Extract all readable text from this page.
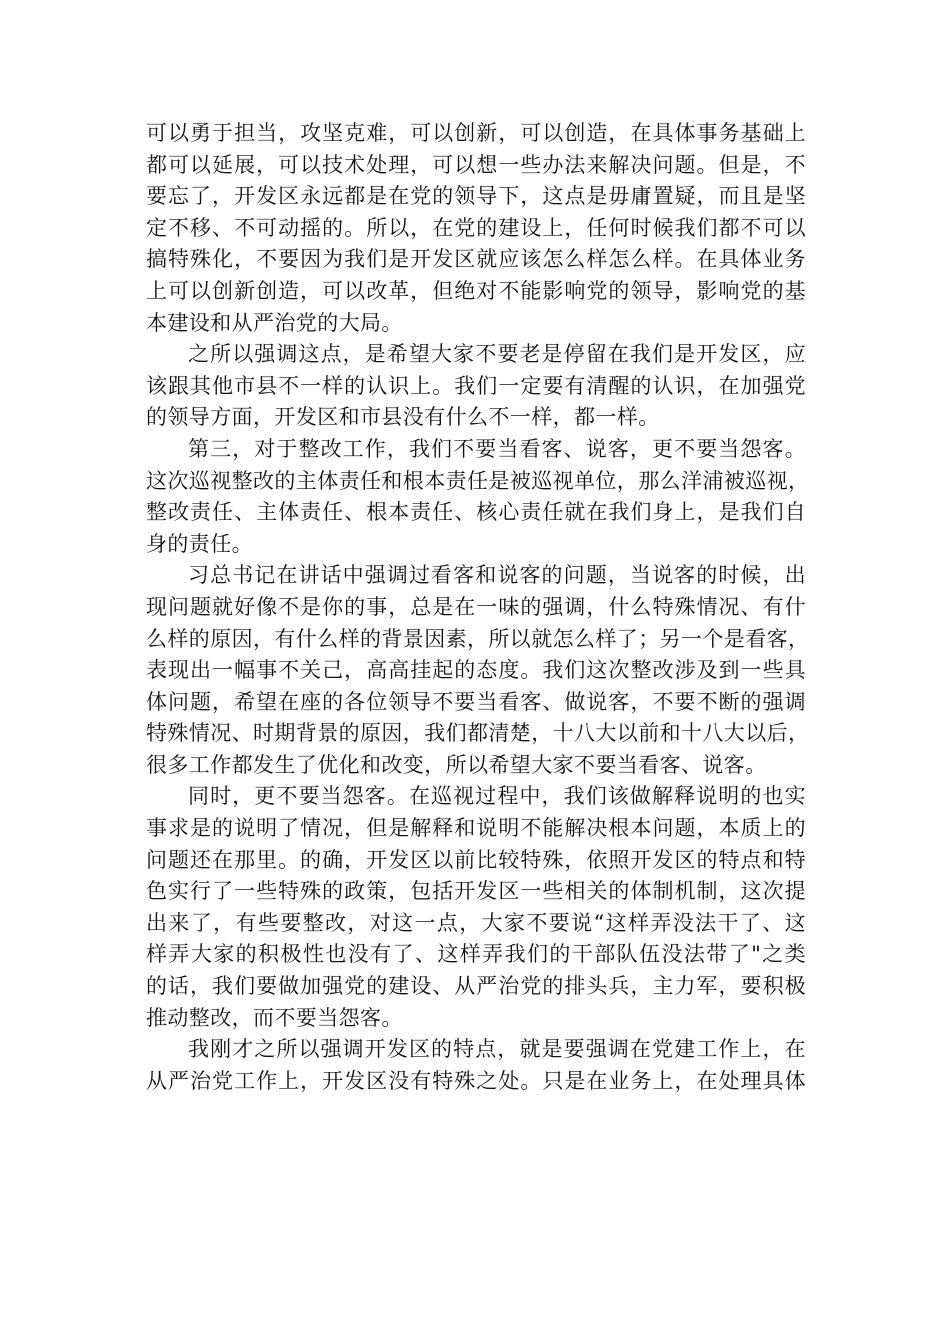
可以勇于担当，攻坚克难，可以创新，可以创造，在具体事务基础上
都可以延展，可以技术处理，可以想一些办法来解决问题。但是，不
要忘了，开发区永远都是在党的领导下，这点是毋庸置疑，而且是坚
定不移、不可动摇的。所以，在党的建设上，任何时候我们都不可以
搞特殊化，不要因为我们是开发区就应该怎么样怎么样。在具体业务
上可以创新创造，可以改革，但绝对不能影响党的领导，影响党的基
本建设和从严治党的大局。
之所以强调这点，是希望大家不要老是停留在我们是开发区，应
该跟其他市县不一样的认识上。我们一定要有清醒的认识，在加强党
的领导方面，开发区和市县没有什么不一样，都一样。
第三，对于整改工作，我们不要当看客、说客，更不要当怨客。
这次巡视整改的主体责任和根本责任是被巡视单位，那么洋浦被巡视，
整改责任、主体责任、根本责任、核心责任就在我们身上，是我们自
身的责任。
习总书记在讲话中强调过看客和说客的问题，当说客的时候，出
现问题就好像不是你的事，总是在一味的强调，什么特殊情况、有什
么样的原因，有什么样的背景因素，所以就怎么样了；另一个是看客，
表现出一幅事不关己，高高挂起的态度。我们这次整改涉及到一些具
体问题，希望在座的各位领导不要当看客、做说客，不要不断的强调
特殊情况、时期背景的原因，我们都清楚，十八大以前和十八大以后，
很多工作都发生了优化和改变，所以希望大家不要当看客、说客。
同时，更不要当怨客。在巡视过程中，我们该做解释说明的也实
事求是的说明了情况，但是解释和说明不能解决根本问题，本质上的
问题还在那里。的确，开发区以前比较特殊，依照开发区的特点和特
色实行了一些特殊的政策，包括开发区一些相关的体制机制，这次提
出来了，有些要整改，对这一点，大家不要说“这样弄没法干了、这
样弄大家的积极性也没有了、这样弄我们的干部队伍没法带了"之类
的话，我们要做加强党的建设、从严治党的排头兵，主力军，要积极
推动整改，而不要当怨客。
我刚才之所以强调开发区的特点，就是要强调在党建工作上，在
从严治党工作上，开发区没有特殊之处。只是在业务上，在处理具体
